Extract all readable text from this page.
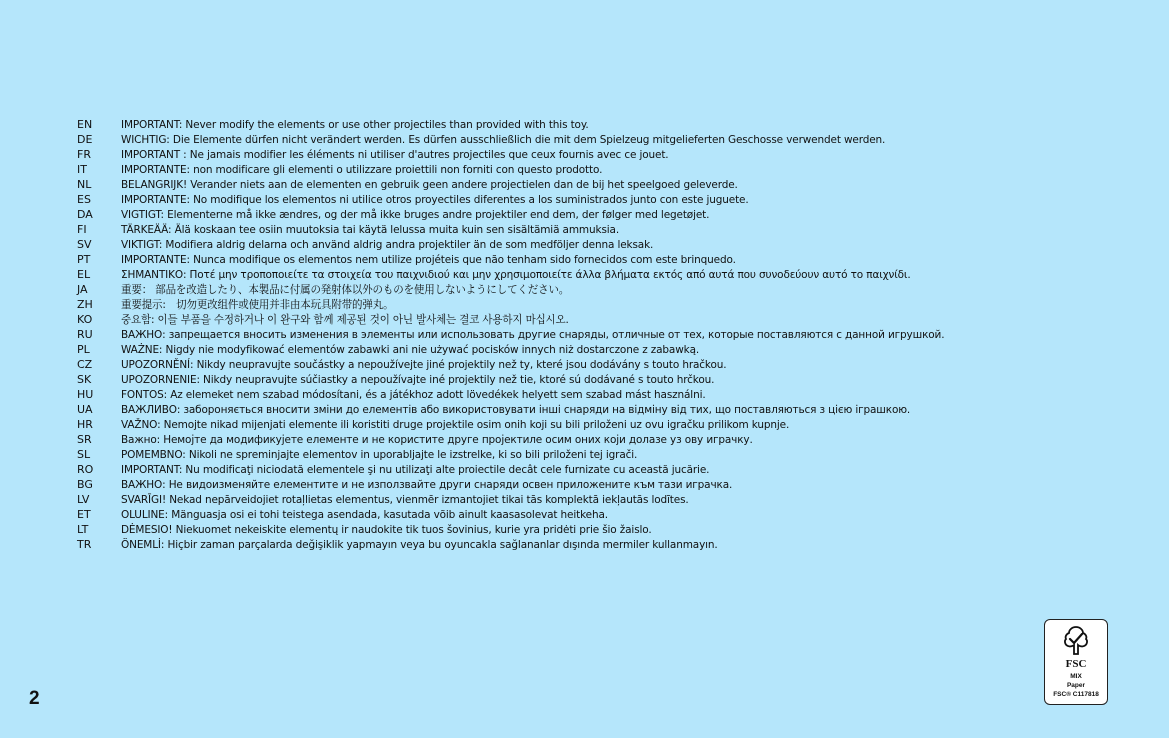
EN	IMPORTANT: Never modify the elements or use other projectiles than provided with this toy.
DE	WICHTIG: Die Elemente dürfen nicht verändert werden. Es dürfen ausschließlich die mit dem Spielzeug mitgelieferten Geschosse verwendet werden.
FR	IMPORTANT : Ne jamais modifier les éléments ni utiliser d'autres projectiles que ceux fournis avec ce jouet.
IT	IMPORTANTE: non modificare gli elementi o utilizzare proiettili non forniti con questo prodotto.
NL	BELANGRIJK! Verander niets aan de elementen en gebruik geen andere projectielen dan de bij het speelgoed geleverde.
ES	IMPORTANTE: No modifique los elementos ni utilice otros proyectiles diferentes a los suministrados junto con este juguete.
DA	VIGTIGT: Elementerne må ikke ændres, og der må ikke bruges andre projektiler end dem, der følger med legetøjet.
FI	TÄRKEÄÄ: Älä koskaan tee osiin muutoksia tai käytä lelussa muita kuin sen sisältämiä ammuksia.
SV	VIKTIGT: Modifiera aldrig delarna och använd aldrig andra projektiler än de som medföljer denna leksak.
PT	IMPORTANTE: Nunca modifique os elementos nem utilize projéteis que não tenham sido fornecidos com este brinquedo.
EL	ΣΗΜΑΝΤΙΚΟ: Ποτέ μην τροποποιείτε τα στοιχεία του παιχνιδιού και μην χρησιμοποιείτε άλλα βλήματα εκτός από αυτά που συνοδεύουν αυτό το παιχνίδι.
JA	重要： 部品を改造したり、本製品に付属の発射体以外のものを使用しないようにしてください。
ZH	重要提示:　切勿更改组件或使用并非由本玩具附带的弹丸。
KO	중요함: 이들 부품을 수정하거나 이 완구와 함께 제공된 것이 아닌 발사체는 결코 사용하지 마십시오.
RU	ВАЖНО: запрещается вносить изменения в элементы или использовать другие снаряды, отличные от тех, которые поставляются с данной игрушкой.
PL	WAŻNE: Nigdy nie modyfikować elementów zabawki ani nie używać pocisków innych niż dostarczone z zabawką.
CZ	UPOZORNĚNÍ: Nikdy neupravujte součástky a nepoužívejte jiné projektily než ty, které jsou dodávány s touto hračkou.
SK	UPOZORNENIE: Nikdy neupravujte súčiastky a nepoužívajte iné projektily než tie, ktoré sú dodávané s touto hrčkou.
HU	FONTOS: Az elemeket nem szabad módosítani, és a játékhoz adott lövedékek helyett sem szabad mást használni.
UA	ВАЖЛИВО: забороняється вносити зміни до елементів або використовувати інші снаряди на відміну від тих, що поставляються з цією іграшкою.
HR	VAŽNO: Nemojte nikad mijenjati elemente ili koristiti druge projektile osim onih koji su bili priloženi uz ovu igračku prilikom kupnje.
SR	Важно: Немојте да модификујете елементе и не користите друге пројектиле осим оних који долазе уз ову играчку.
SL	POMEMBNO: Nikoli ne spreminjajte elementov in uporabljajte le izstrelke, ki so bili priloženi tej igrači.
RO	IMPORTANT: Nu modificaţi niciodată elementele şi nu utilizaţi alte proiectile decât cele furnizate cu această jucărie.
BG	ВАЖНО: Не видоизменяйте елементите и не използвайте други снаряди освен приложените към тази играчка.
LV	SVARĪGI! Nekad nepārveidojiet rotaļlietas elementus, vienmēr izmantojiet tikai tās komplektā iekļautās lodītes.
ET	OLULINE: Mänguasja osi ei tohi teistega asendada, kasutada võib ainult kaasasolevat heitkeha.
LT	DĖMESIO! Niekuomet nekeiskite elementų ir naudokite tik tuos šovinius, kurie yra pridėti prie šio žaislo.
TR	ÖNEMLİ: Hiçbir zaman parçalarda değişiklik yapmayın veya bu oyuncakla sağlananlar dışında mermiler kullanmayın.
2
FSC
MIX
Paper
FSC® C117818
